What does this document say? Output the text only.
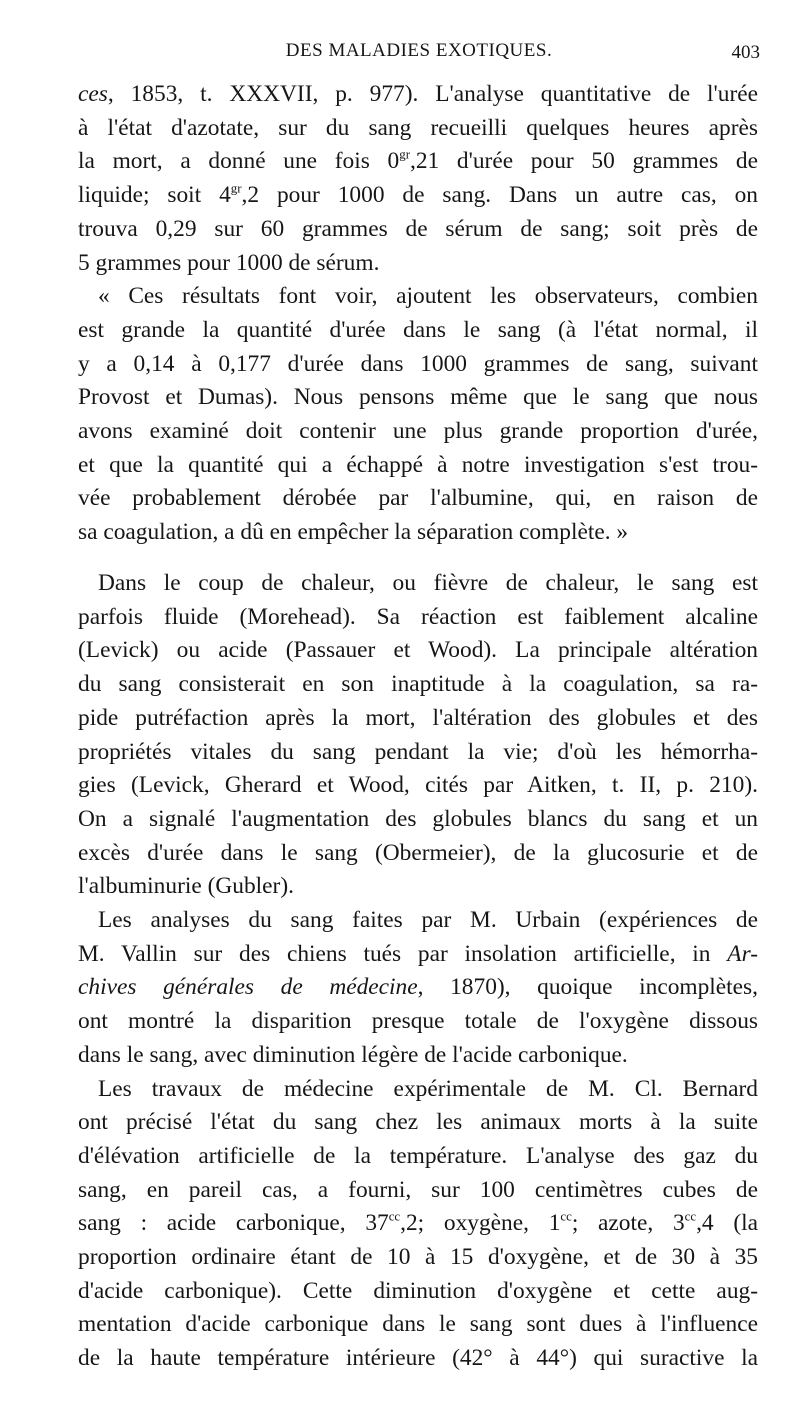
DES MALADIES EXOTIQUES.	403

ces, 1853, t. XXXVII, p. 977). L'analyse quantitative de l'urée

à l'état d'azotate, sur du sang recueilli quelques heures après

la mort, a donné une fois $0^{gr},21$ d'urée pour 50 grammes de

liquide; soit $4^{gr},2$ pour 1000 de sang. Dans un autre cas, on

trouva 0,29 sur 60 grammes de sérum de sang; soit près de

5 grammes pour 1000 de sérum.

« Ces résultats font voir, ajoutent les observateurs, combien

est grande la quantité d'urée dans le sang (à l'état normal, il

y a 0,14 à 0,177 d'urée dans 1000 grammes de sang, suivant

Provost et Dumas). Nous pensons même que le sang que nous

avons examiné doit contenir une plus grande proportion d'urée,

et que la quantité qui a échappé à notre investigation s'est trou-

vée probablement dérobée par l'albumine, qui, en raison de

sa coagulation, a dû en empêcher la séparation complète. »

Dans le coup de chaleur, ou fièvre de chaleur, le sang est

parfois fluide (Morehead). Sa réaction est faiblement alcaline

(Levick) ou acide (Passauer et Wood). La principale altération

du sang consisterait en son inaptitude à la coagulation, sa ra-

pide putréfaction après la mort, l'altération des globules et des

propriétés vitales du sang pendant la vie; d'où les hémorrha-

gies (Levick, Gherard et Wood, cités par Aitken, t. II, p. 210).

On a signalé l'augmentation des globules blancs du sang et un

excès d'urée dans le sang (Obermeier), de la glucosurie et de

l'albuminurie (Gubler).

Les analyses du sang faites par M. Urbain (expériences de

M. Vallin sur des chiens tués par insolation artificielle, in Ar-

chives générales de médecine, 1870), quoique incomplètes,

ont montré la disparition presque totale de l'oxygène dissous

dans le sang, avec diminution légère de l'acide carbonique.

Les travaux de médecine expérimentale de M. Cl. Bernard

ont précisé l'état du sang chez les animaux morts à la suite

d'élévation artificielle de la température. L'analyse des gaz du

sang, en pareil cas, a fourni, sur 100 centimètres cubes de

sang : acide carbonique, $37^{cc},2$; oxygène, $1^{cc}$; azote, $3^{cc},4$ (la

proportion ordinaire étant de 10 à 15 d'oxygène, et de 30 à 35

d'acide carbonique). Cette diminution d'oxygène et cette aug-

mentation d'acide carbonique dans le sang sont dues à l'influence

de la haute température intérieure (42° à 44°) qui suractive la
